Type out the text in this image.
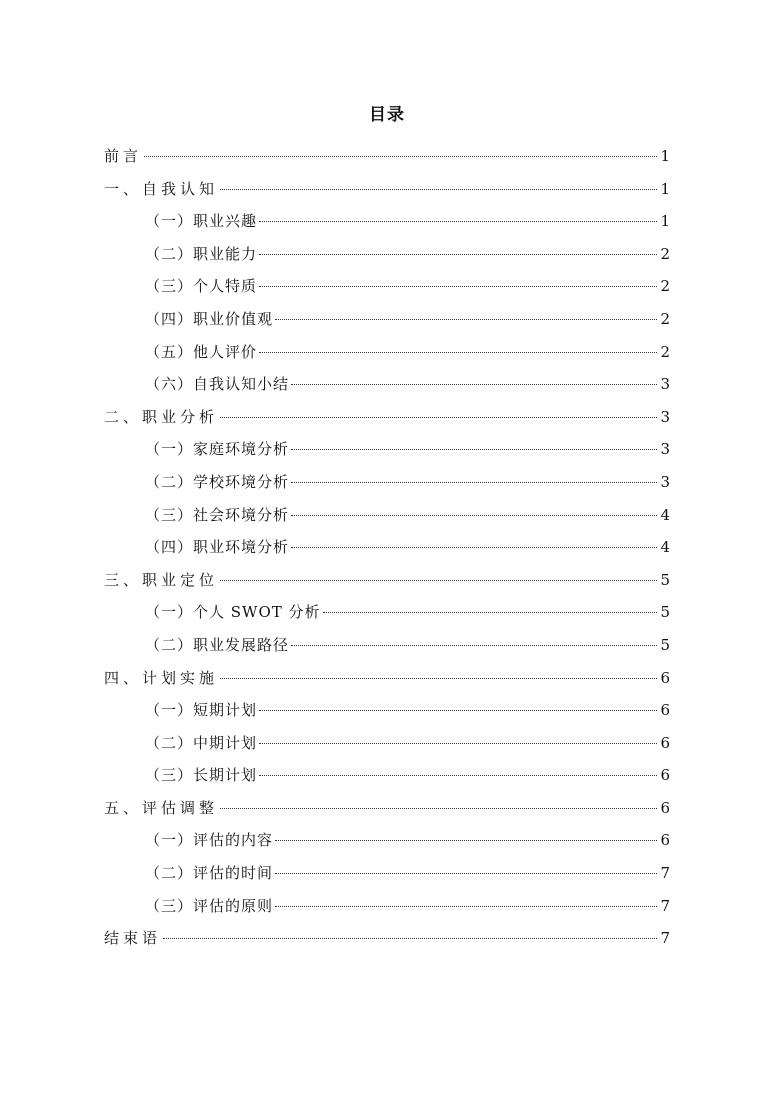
目录
前言	1
一、自我认知	1
（一）职业兴趣	1
（二）职业能力	2
（三）个人特质	2
（四）职业价值观	2
（五）他人评价	2
（六）自我认知小结	3
二、职业分析	3
（一）家庭环境分析	3
（二）学校环境分析	3
（三）社会环境分析	4
（四）职业环境分析	4
三、职业定位	5
（一）个人 SWOT 分析	5
（二）职业发展路径	5
四、计划实施	6
（一）短期计划	6
（二）中期计划	6
（三）长期计划	6
五、评估调整	6
（一）评估的内容	6
（二）评估的时间	7
（三）评估的原则	7
结束语	7
